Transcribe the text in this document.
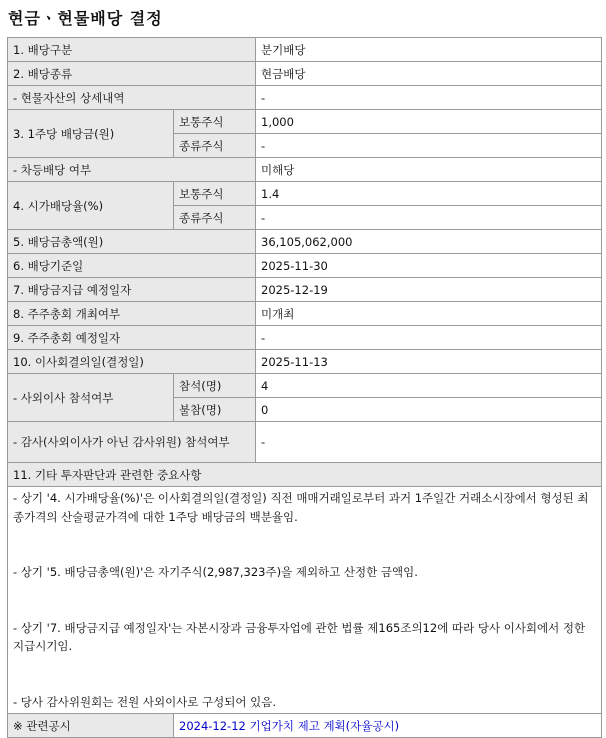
현금ㆍ현물배당 결정
1. 배당구분		분기배당
2. 배당종류		현금배당
- 현물자산의 상세내역		-
3. 1주당 배당금(원)	보통주식	1,000
	종류주식	-
- 차등배당 여부		미해당
4. 시가배당율(%)	보통주식	1.4
	종류주식	-
5. 배당금총액(원)		36,105,062,000
6. 배당기준일		2025-11-30
7. 배당금지급 예정일자		2025-12-19
8. 주주총회 개최여부		미개최
9. 주주총회 예정일자		-
10. 이사회결의일(결정일)		2025-11-13
- 사외이사 참석여부	참석(명)	4
	불참(명)	0
- 감사(사외이사가 아닌 감사위원) 참석여부		-
11. 기타 투자판단과 관련한 중요사항		

- 상기 '4. 시가배당율(%)'은 이사회결의일(결정일) 직전 매매거래일로부터 과거 1주일간 거래소시장에서 형성된 최종가격의 산술평균가격에 대한 1주당 배당금의 백분율임.
- 상기 '5. 배당금총액(원)'은 자기주식(2,987,323주)을 제외하고 산정한 금액임.
- 상기 '7. 배당금지급 예정일자'는 자본시장과 금융투자업에 관한 법률 제165조의12에 따라 당사 이사회에서 정한 지급시기임.
- 당사 감사위원회는 전원 사외이사로 구성되어 있음.		

※ 관련공시	2024-12-12 기업가치 제고 계획(자율공시)	
